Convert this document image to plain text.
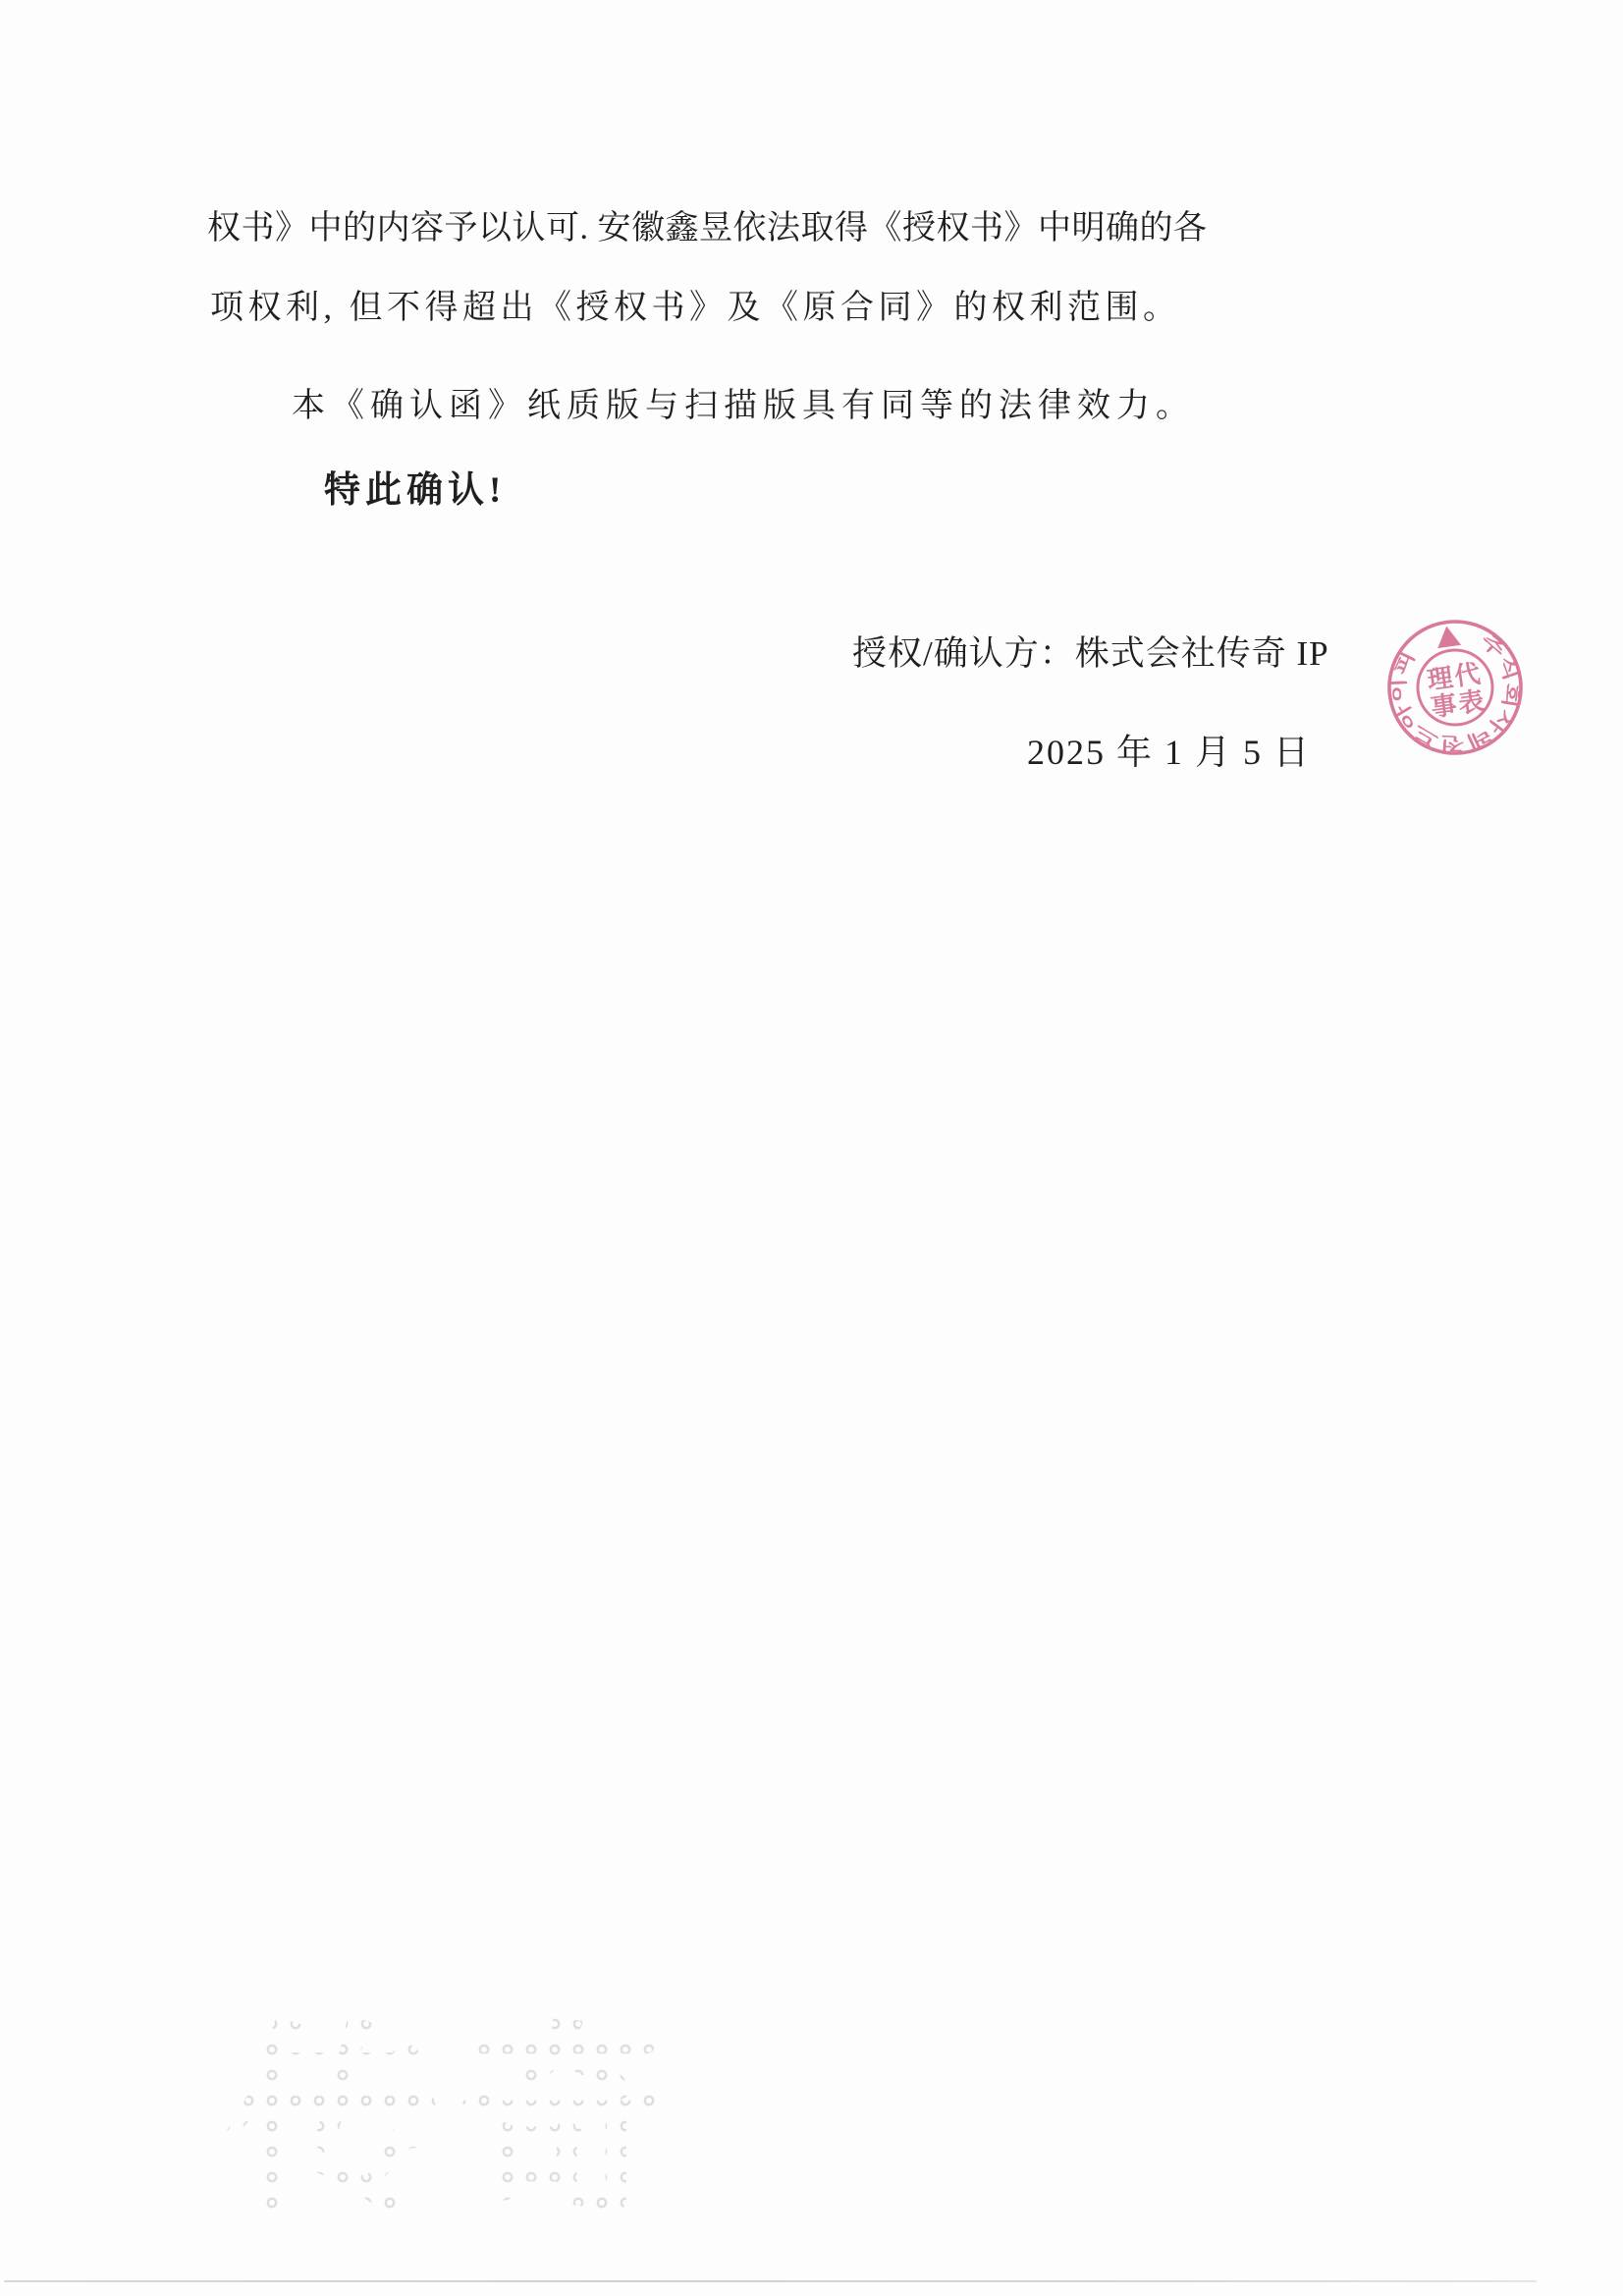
权书》中的内容予以认可. 安徽鑫昱依法取得《授权书》中明确的各
项权利, 但不得超出《授权书》及《原合同》的权利范围。
本《确认函》纸质版与扫描版具有同等的法律效力。
特此确认!
授权/确认方：株式会社传奇 IP
2025 年 1 月 5 日
주식회사레전드아이피	代
表
理
事
传奇
